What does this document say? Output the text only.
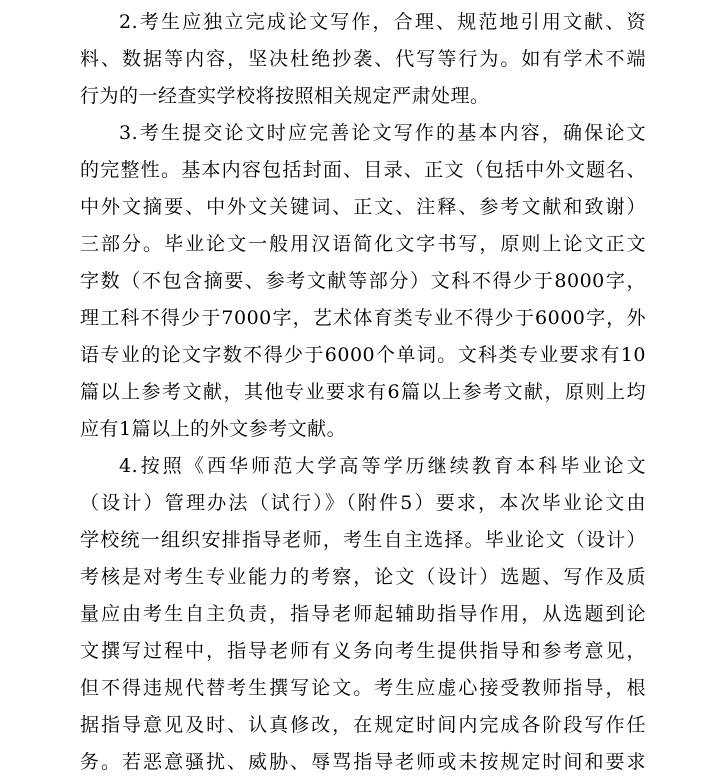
2.考生应独立完成论文写作，合理、规范地引用文献、资
料、数据等内容，坚决杜绝抄袭、代写等行为。如有学术不端
行为的一经查实学校将按照相关规定严肃处理。
3.考生提交论文时应完善论文写作的基本内容，确保论文
的完整性。基本内容包括封面、目录、正文（包括中外文题名、
中外文摘要、中外文关键词、正文、注释、参考文献和致谢）
三部分。毕业论文一般用汉语简化文字书写，原则上论文正文
字数（不包含摘要、参考文献等部分）文科不得少于8000字，
理工科不得少于7000字，艺术体育类专业不得少于6000字，外
语专业的论文字数不得少于6000个单词。文科类专业要求有10
篇以上参考文献，其他专业要求有6篇以上参考文献，原则上均
应有1篇以上的外文参考文献。
4.按照《西华师范大学高等学历继续教育本科毕业论文
（设计）管理办法（试行）》（附件5）要求，本次毕业论文由
学校统一组织安排指导老师，考生自主选择。毕业论文（设计）
考核是对考生专业能力的考察，论文（设计）选题、写作及质
量应由考生自主负责，指导老师起辅助指导作用，从选题到论
文撰写过程中，指导老师有义务向考生提供指导和参考意见，
但不得违规代替考生撰写论文。考生应虚心接受教师指导，根
据指导意见及时、认真修改，在规定时间内完成各阶段写作任
务。若恶意骚扰、威胁、辱骂指导老师或未按规定时间和要求
